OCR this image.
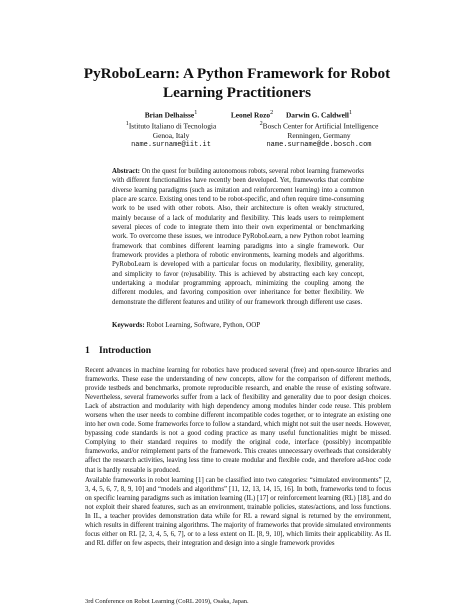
PyRoboLearn: A Python Framework for Robot Learning Practitioners
Brian Delhaisse$^1$
$^1$Istituto Italiano di Tecnologia
Genoa, Italy
name.surname@iit.it
Leonel Rozo$^2$	Darwin G. Caldwell$^1$
$^2$Bosch Center for Artificial Intelligence
Renningen, Germany
name.surname@de.bosch.com

Abstract: On the quest for building autonomous robots, several robot learning frameworks with different functionalities have recently been developed. Yet, frameworks that combine diverse learning paradigms (such as imitation and reinforcement learning) into a common place are scarce. Existing ones tend to be robot-specific, and often require time-consuming work to be used with other robots. Also, their architecture is often weakly structured, mainly because of a lack of modularity and flexibility. This leads users to reimplement several pieces of code to integrate them into their own experimental or benchmarking work. To overcome these issues, we introduce PyRoboLearn, a new Python robot learning framework that combines different learning paradigms into a single framework. Our framework provides a plethora of robotic environments, learning models and algorithms. PyRoboLearn is developed with a particular focus on modularity, flexibility, generality, and simplicity to favor (re)usability. This is achieved by abstracting each key concept, undertaking a modular programming approach, minimizing the coupling among the different modules, and favoring composition over inheritance for better flexibility. We demonstrate the different features and utility of our framework through different use cases.

Keywords: Robot Learning, Software, Python, OOP
1 Introduction

Recent advances in machine learning for robotics have produced several (free) and open-source libraries and frameworks. These ease the understanding of new concepts, allow for the comparison of different methods, provide testbeds and benchmarks, promote reproducible research, and enable the reuse of existing software. Nevertheless, several frameworks suffer from a lack of flexibility and generality due to poor design choices. Lack of abstraction and modularity with high dependency among modules hinder code reuse. This problem worsens when the user needs to combine different incompatible codes together, or to integrate an existing one into her own code. Some frameworks force to follow a standard, which might not suit the user needs. However, bypassing code standards is not a good coding practice as many useful functionalities might be missed. Complying to their standard requires to modify the original code, interface (possibly) incompatible frameworks, and/or reimplement parts of the framework. This creates unnecessary overheads that considerably affect the research activities, leaving less time to create modular and flexible code, and therefore ad-hoc code that is hardly reusable is produced.

Available frameworks in robot learning [1] can be classified into two categories: “simulated environments” [2, 3, 4, 5, 6, 7, 8, 9, 10] and “models and algorithms” [11, 12, 13, 14, 15, 16]. In both, frameworks tend to focus on specific learning paradigms such as imitation learning (IL) [17] or reinforcement learning (RL) [18], and do not exploit their shared features, such as an environment, trainable policies, states/actions, and loss functions. In IL, a teacher provides demonstration data while for RL a reward signal is returned by the environment, which results in different training algorithms. The majority of frameworks that provide simulated environments focus either on RL [2, 3, 4, 5, 6, 7], or to a less extent on IL [8, 9, 10], which limits their applicability. As IL and RL differ on few aspects, their integration and design into a single framework provides

3rd Conference on Robot Learning (CoRL 2019), Osaka, Japan.
